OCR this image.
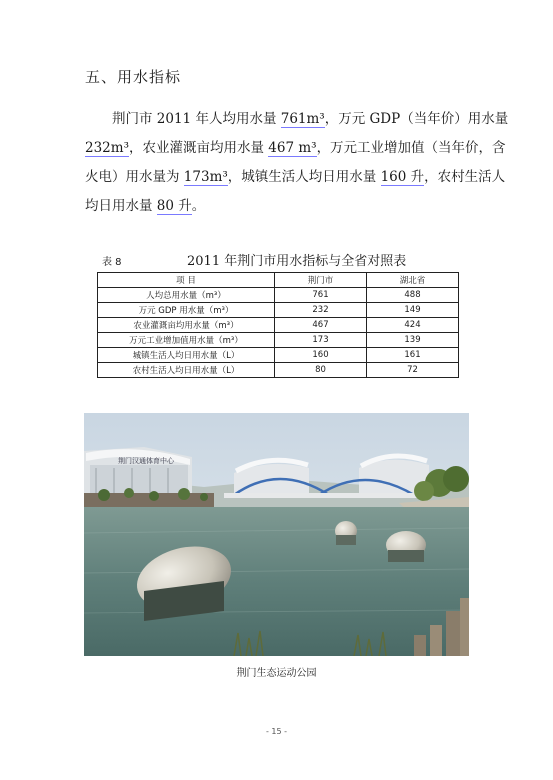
五、用水指标
荆门市 2011 年人均用水量 761m³，万元 GDP（当年价）用水量
232m³，农业灌溉亩均用水量 467 m³，万元工业增加值（当年价，含
火电）用水量为 173m³，城镇生活人均日用水量 160 升，农村生活人
均日用水量 80 升。
表 8	2011 年荆门市用水指标与全省对照表
项 目	荆门市	湖北省
人均总用水量（m³）	761	488
万元 GDP 用水量（m³）	232	149
农业灌溉亩均用水量（m³）	467	424
万元工业增加值用水量（m³）	173	139
城镇生活人均日用水量（L）	160	161
农村生活人均日用水量（L）	80	72
荆门汉通体育中心
荆门生态运动公园
- 15 -
